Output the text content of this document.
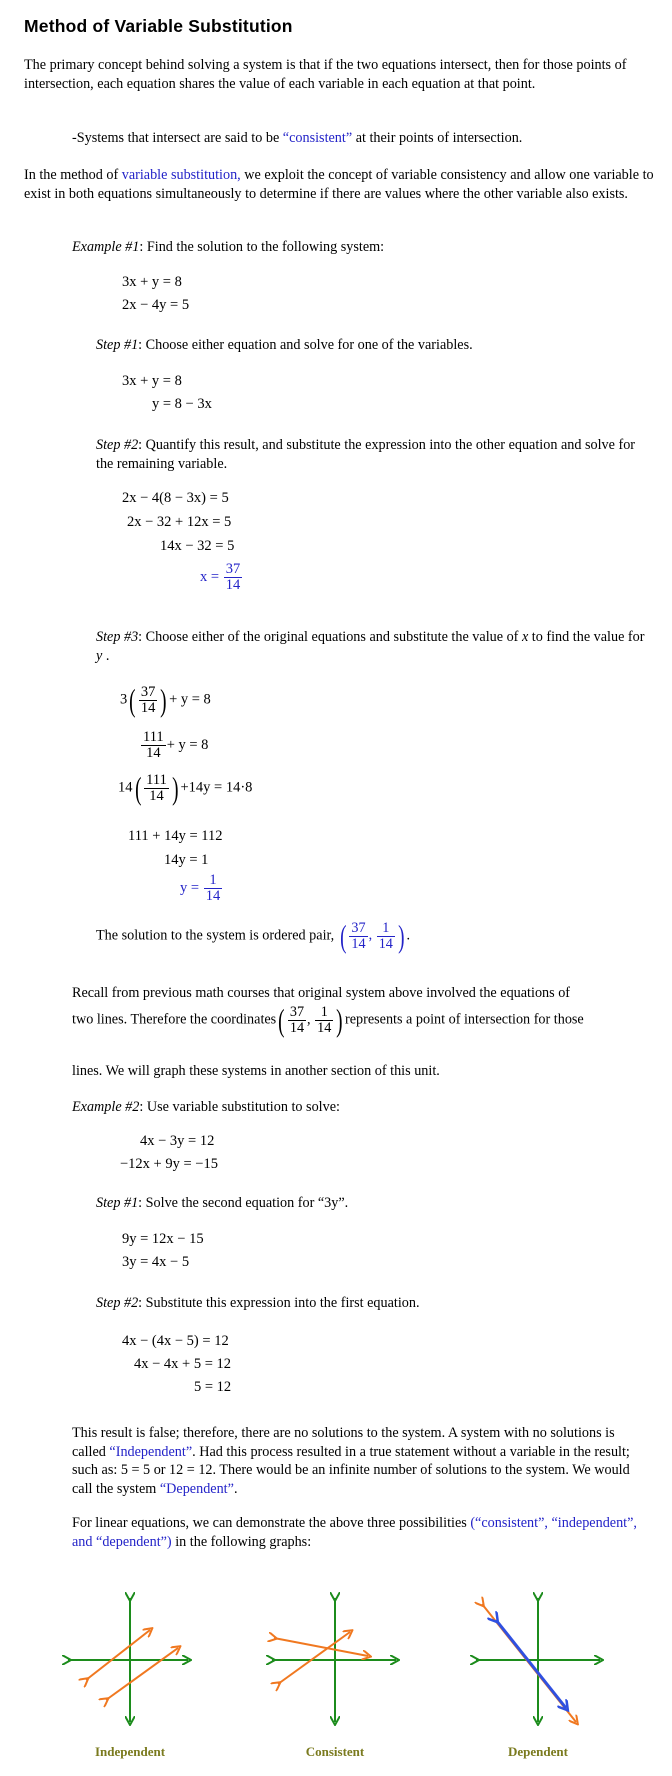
Method of Variable Substitution
The primary concept behind solving a system is that if the two equations intersect, then for those points of intersection, each equation shares the value of each variable in each equation at that point.
-Systems that intersect are said to be “consistent” at their points of intersection.
In the method of variable substitution, we exploit the concept of variable consistency and allow one variable to exist in both equations simultaneously to determine if there are values where the other variable also exists.
Example #1: Find the solution to the following system:
3x + y = 8
2x − 4y = 5
Step #1: Choose either equation and solve for one of the variables.
3x + y = 8
y = 8 − 3x
Step #2: Quantify this result, and substitute the expression into the other equation and solve for the remaining variable.
2x − 4(8 − 3x) = 5
2x − 32 + 12x = 5
14x − 32 = 5
$x = \frac{37}{14}$
Step #3: Choose either of the original equations and substitute the value of x to find the value for y .
$3( \frac{37}{14}$ ) + y = 8
$\frac{111}{14} + y = 8$
$14( \frac{111}{14}$ ) +14y = 14·8
111 + 14y = 112
14y = 1
$y = \frac{1}{14}$
The solution to the system is ordered pair, ( $\frac{37}{14}$ , $\frac{1}{14}$ ) .
Recall from previous math courses that original system above involved the equations of
two lines. Therefore the coordinates( $\frac{37}{14}$ , $\frac{1}{14}$ ) represents a point of intersection for those
lines. We will graph these systems in another section of this unit.
Example #2: Use variable substitution to solve:
4x − 3y = 12
−12x + 9y = −15
Step #1: Solve the second equation for “3y”.
9y = 12x − 15
3y = 4x − 5
Step #2: Substitute this expression into the first equation.
4x − (4x − 5) = 12
4x − 4x + 5 = 12
5 = 12
This result is false; therefore, there are no solutions to the system. A system with no solutions is called “Independent”. Had this process resulted in a true statement without a variable in the result; such as: 5 = 5 or 12 = 12. There would be an infinite number of solutions to the system. We would call the system “Dependent”.
For linear equations, we can demonstrate the above three possibilities (“consistent”, “independent”, and “dependent”) in the following graphs:
Independent	Consistent	Dependent
